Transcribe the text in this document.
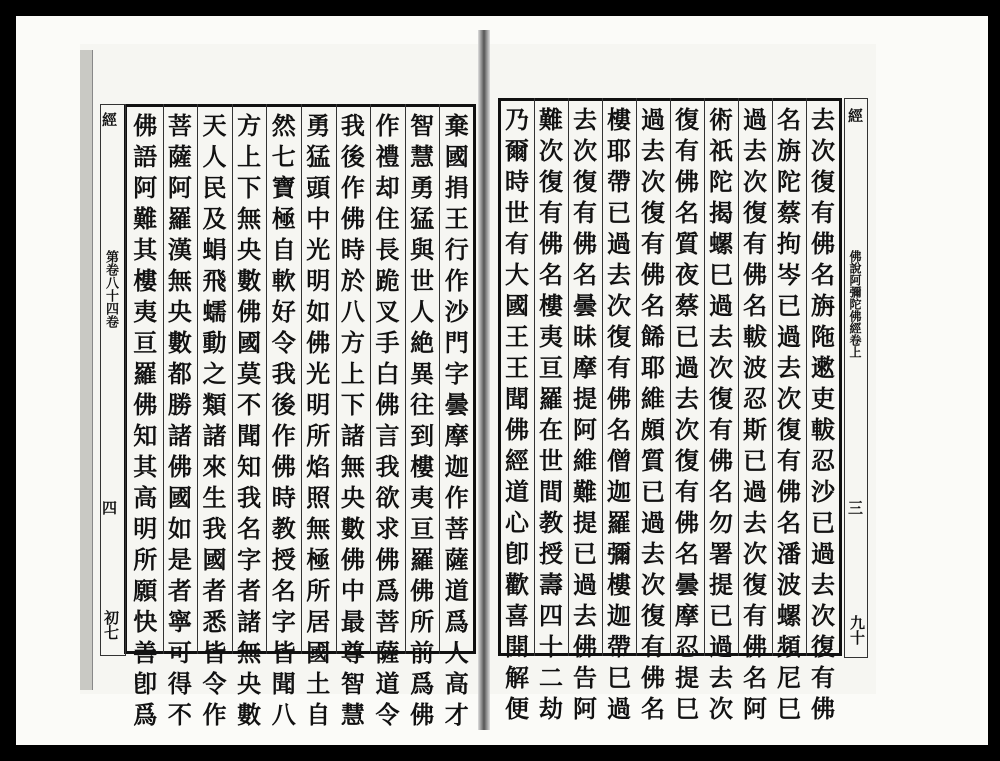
去
次
復
有
佛
名
旃
陁
遬
吏
軷
忍
沙
已
過
去
次
復
有
佛
名
旃
陀
蔡
拘
岑
已
過
去
次
復
有
佛
名
潘
波
螺
頻
尼
巳
過
去
次
復
有
佛
名
軷
波
忍
斯
已
過
去
次
復
有
佛
名
阿
術
祇
陀
揭
螺
巳
過
去
次
復
有
佛
名
勿
署
提
已
過
去
次
復
有
佛
名
質
夜
蔡
已
過
去
次
復
有
佛
名
曇
摩
忍
提
巳
過
去
次
復
有
佛
名
餙
耶
維
頗
質
已
過
去
次
復
有
佛
名
樓
耶
帶
已
過
去
次
復
有
佛
名
僧
迦
羅
彌
樓
迦
帶
巳
過
去
次
復
有
佛
名
曇
昧
摩
提
阿
維
難
提
已
過
去
佛
告
阿
難
次
復
有
佛
名
樓
夷
亘
羅
在
世
間
教
授
壽
四
十
二
劫
乃
爾
時
世
有
大
國
王
王
聞
佛
經
道
心
卽
歡
喜
開
解
便
棄
國
捐
王
行
作
沙
門
字
曇
摩
迦
作
菩
薩
道
爲
人
高
才
智
慧
勇
猛
與
世
人
絶
異
往
到
樓
夷
亘
羅
佛
所
前
爲
佛
作
禮
却
住
長
跪
叉
手
白
佛
言
我
欲
求
佛
爲
菩
薩
道
令
我
後
作
佛
時
於
八
方
上
下
諸
無
央
數
佛
中
最
尊
智
慧
勇
猛
頭
中
光
明
如
佛
光
明
所
焰
照
無
極
所
居
國
土
自
然
七
寶
極
自
軟
好
令
我
後
作
佛
時
教
授
名
字
皆
聞
八
方
上
下
無
央
數
佛
國
莫
不
聞
知
我
名
字
者
諸
無
央
數
天
人
民
及
蜎
飛
蠕
動
之
類
諸
來
生
我
國
者
悉
皆
令
作
菩
薩
阿
羅
漢
無
央
數
都
勝
諸
佛
國
如
是
者
寧
可
得
不
佛
語
阿
難
其
樓
夷
亘
羅
佛
知
其
高
明
所
願
快
善
卽
爲
經
第卷八十四卷
四
初七
經
佛說阿彌陀佛經卷上
三
九十
